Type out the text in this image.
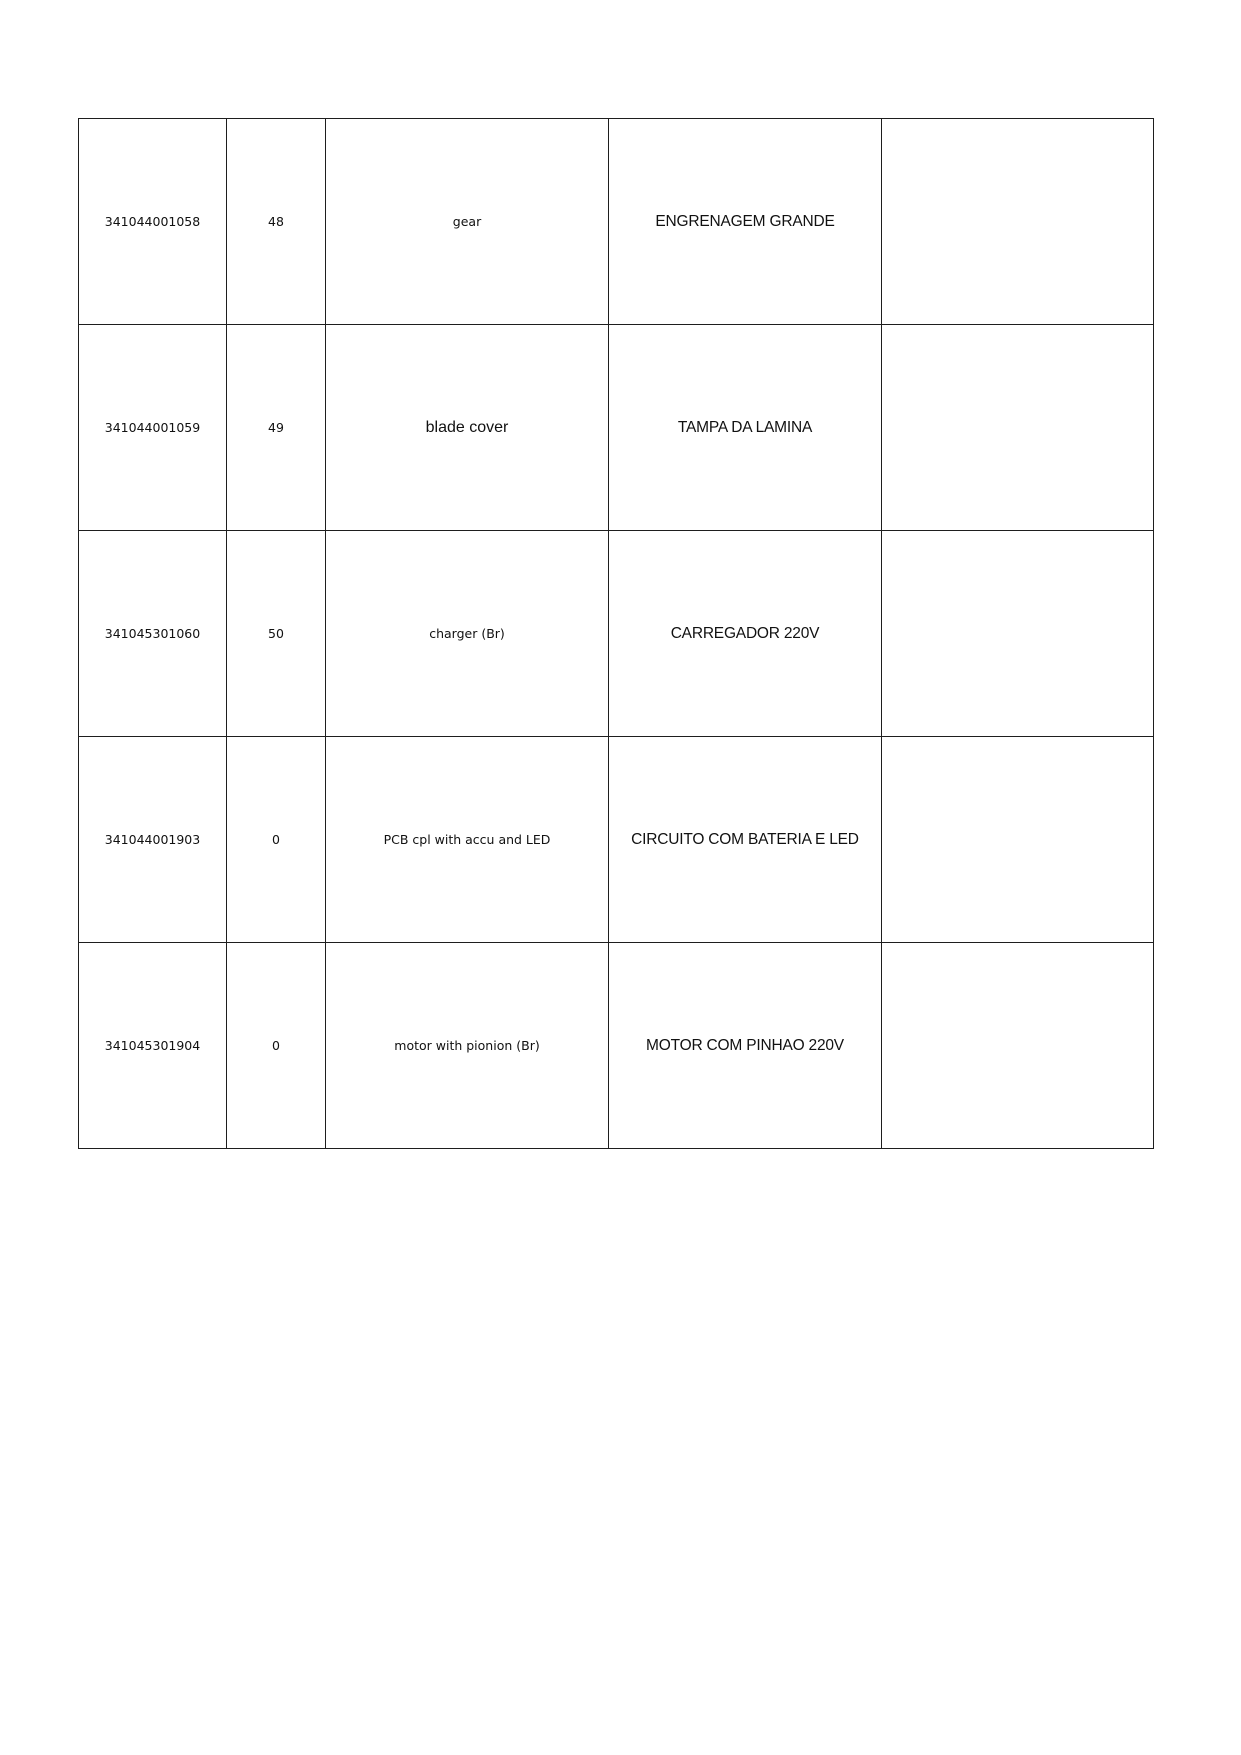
341044001058	48	gear	ENGRENAGEM GRANDE	
341044001059	49	blade cover	TAMPA DA LAMINA	
341045301060	50	charger (Br)	CARREGADOR 220V	
341044001903	0	PCB cpl with accu and LED	CIRCUITO COM BATERIA E LED	
341045301904	0	motor with pionion (Br)	MOTOR COM PINHAO 220V	
